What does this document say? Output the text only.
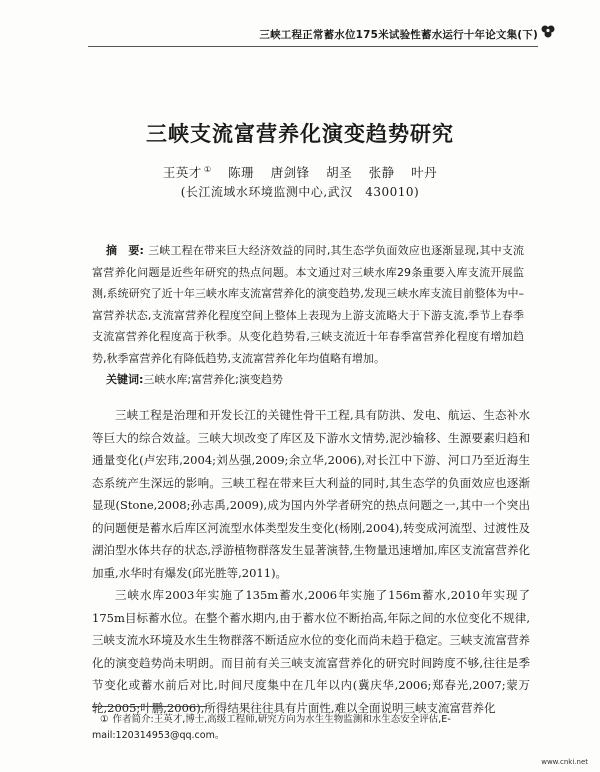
三峡工程正常蓄水位175米试验性蓄水运行十年论文集(下)
三峡支流富营养化演变趋势研究
王英才 ① 陈珊 唐剑锋 胡圣 张静 叶丹
(长江流域水环境监测中心,武汉　430010)
摘　要: 三峡工程在带来巨大经济效益的同时,其生态学负面效应也逐渐显现,其中支流富营养化问题是近些年研究的热点问题。本文通过对三峡水库29条重要入库支流开展监测,系统研究了近十年三峡水库支流富营养化的演变趋势,发现三峡水库支流目前整体为中–富营养状态,支流富营养化程度空间上整体上表现为上游支流略大于下游支流,季节上春季支流富营养化程度高于秋季。从变化趋势看,三峡支流近十年春季富营养化程度有增加趋势,秋季富营养化有降低趋势,支流富营养化年均值略有增加。
关键词:三峡水库;富营养化;演变趋势

三峡工程是治理和开发长江的关键性骨干工程,具有防洪、发电、航运、生态补水等巨大的综合效益。三峡大坝改变了库区及下游水文情势,泥沙输移、生源要素归趋和通量变化(卢宏玮,2004;刘丛强,2009;余立华,2006),对长江中下游、河口乃至近海生态系统产生深远的影响。三峡工程在带来巨大利益的同时,其生态学的负面效应也逐渐显现(Stone,2008;孙志禹,2009),成为国内外学者研究的热点问题之一,其中一个突出的问题便是蓄水后库区河流型水体类型发生变化(杨刚,2004),转变成河流型、过渡性及湖泊型水体共存的状态,浮游植物群落发生显著演替,生物量迅速增加,库区支流富营养化加重,水华时有爆发(邱光胜等,2011)。

三峡水库2003年实施了135m蓄水,2006年实施了156m蓄水,2010年实现了175m目标蓄水位。在整个蓄水期内,由于蓄水位不断抬高,年际之间的水位变化不规律,三峡支流水环境及水生生物群落不断适应水位的变化而尚未趋于稳定。三峡支流富营养化的演变趋势尚未明朗。而目前有关三峡支流富营养化的研究时间跨度不够,往往是季节变化或蓄水前后对比,时间尺度集中在几年以内(冀庆华,2006;郑春光,2007;蒙万轮,2005;叶鹏,2006),所得结果往往具有片面性,难以全面说明三峡支流富营养化

① 作者简介:王英才,博士,高级工程师,研究方向为水生生物监测和水生态安全评估,E-mail:120314953@qq.com。
www.cnki.net
